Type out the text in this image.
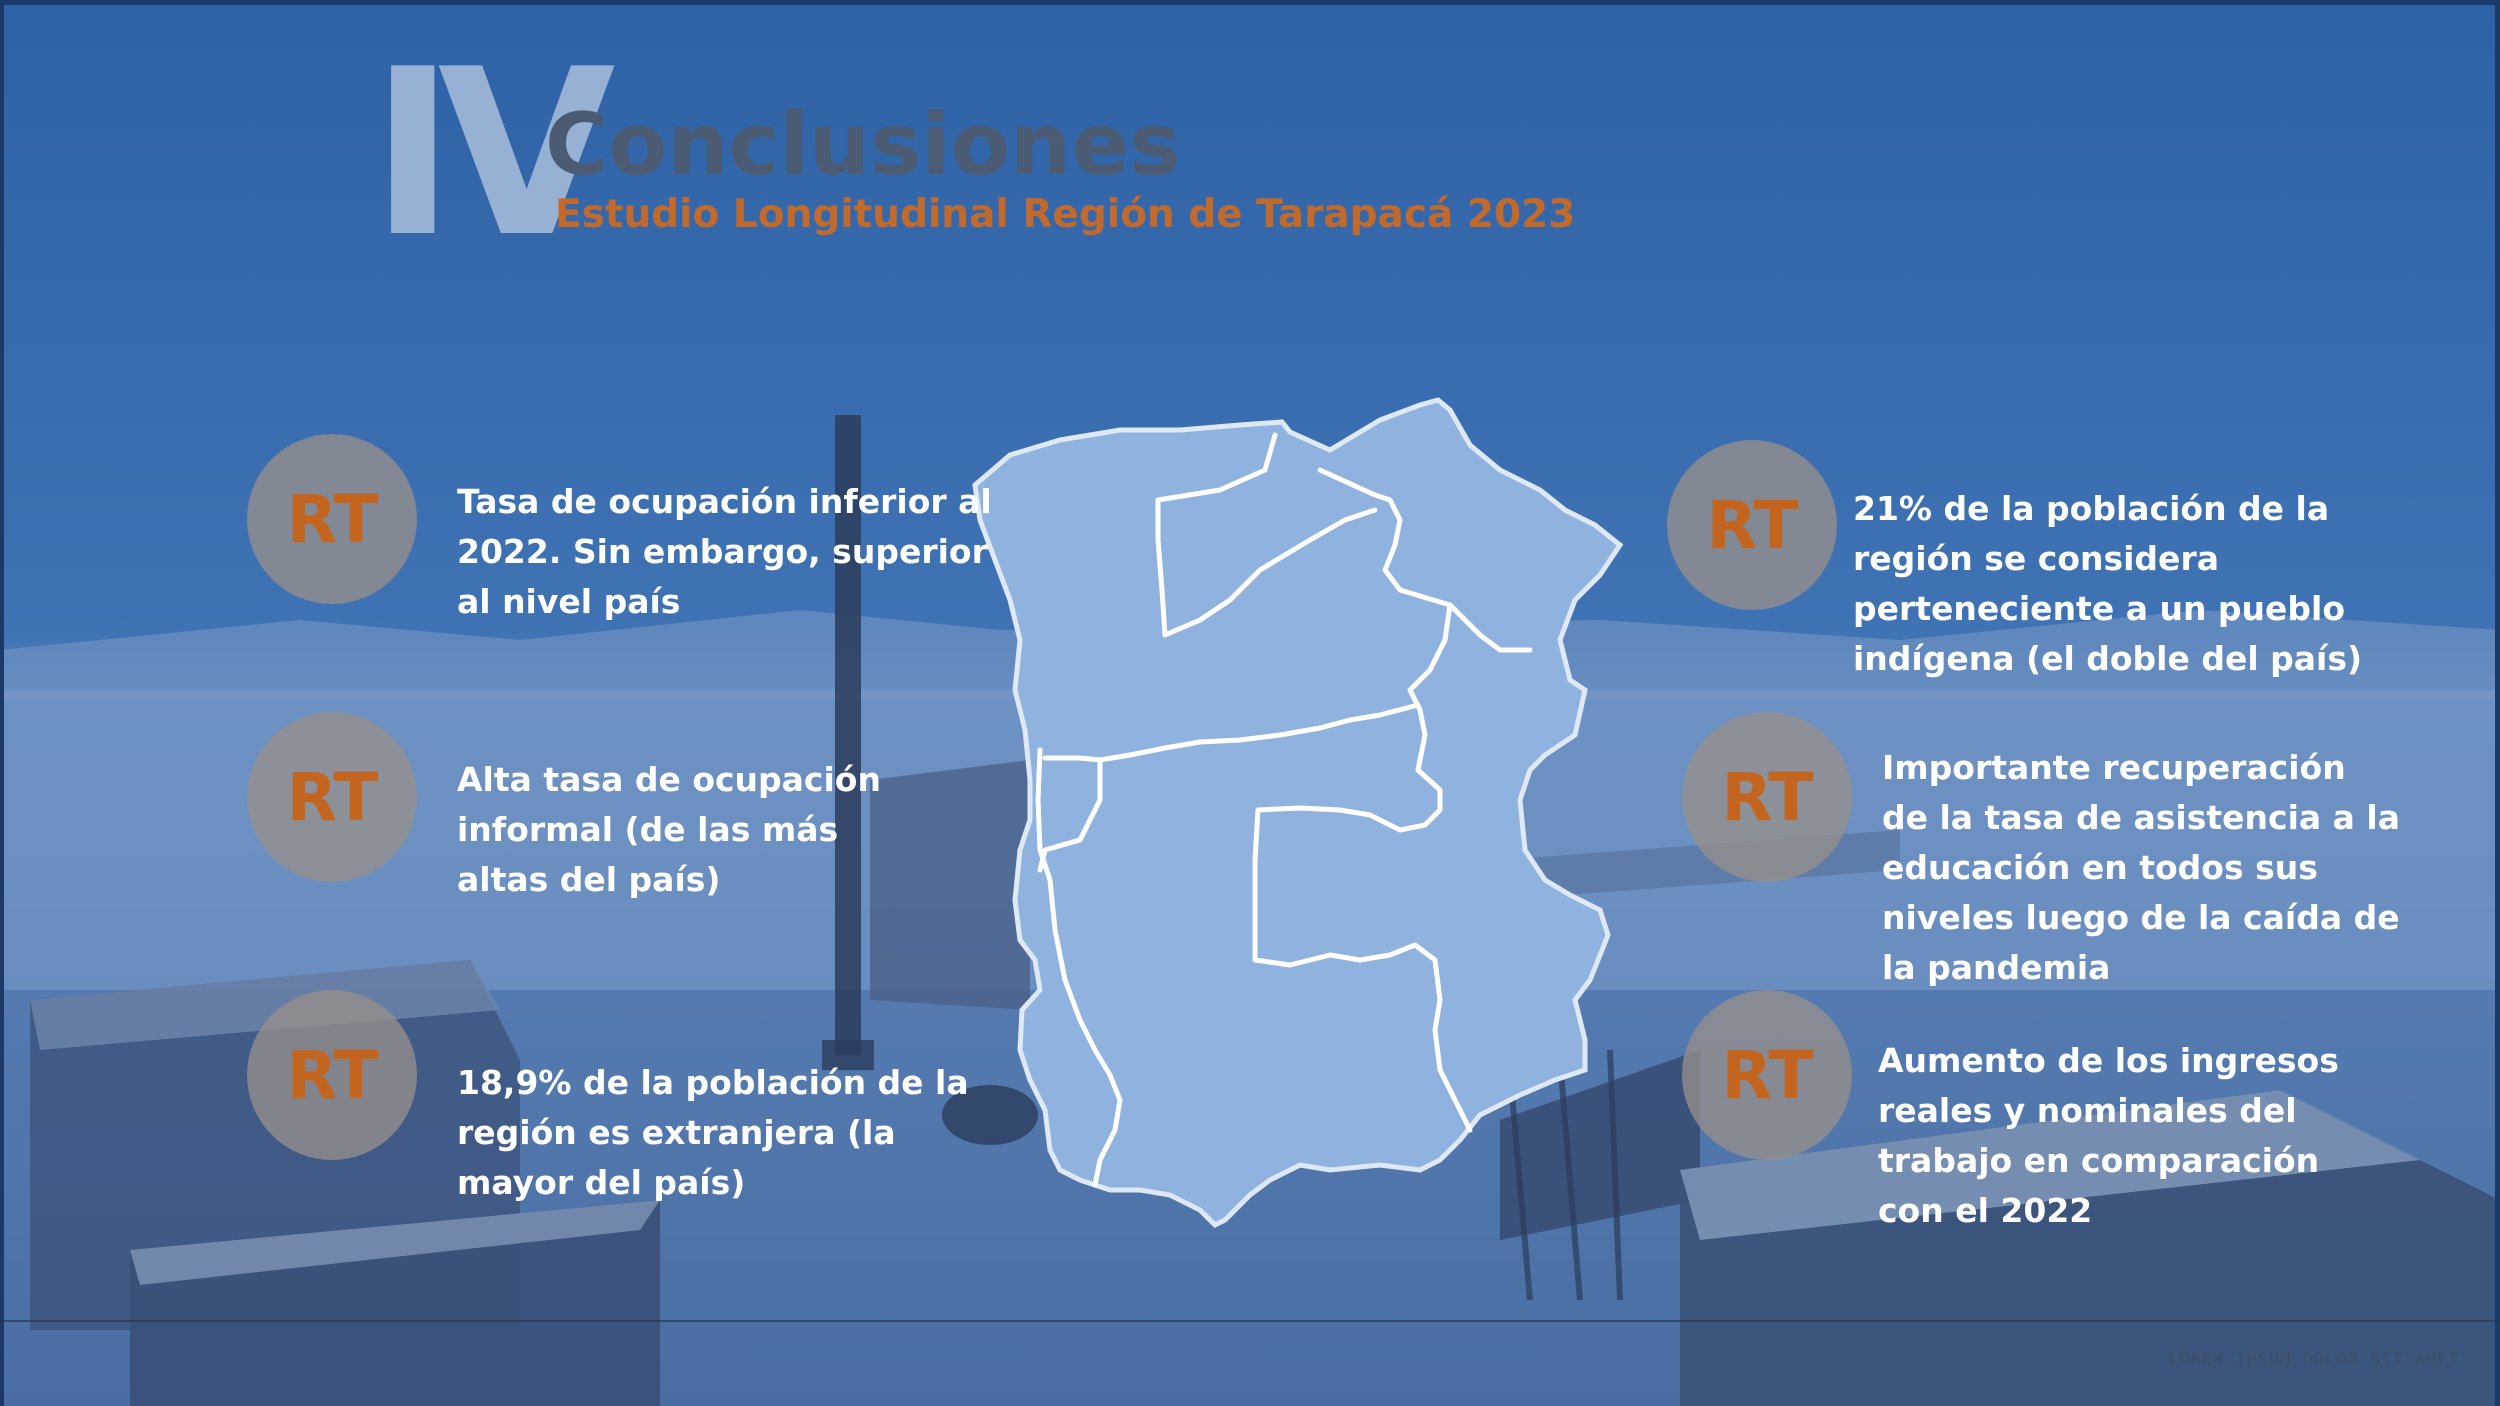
IV
Conclusiones
Estudio Longitudinal Región de Tarapacá 2023
RT	Tasa de ocupación inferior al 2022. Sin embargo, superior al nivel país
RT	Alta tasa de ocupación informal (de las más altas del país)
RT	18,9% de la población de la región es extranjera (la mayor del país)
RT	21% de la población de la región se considera perteneciente a un pueblo indígena (el doble del país)
RT	Importante recuperación de la tasa de asistencia a la educación en todos sus niveles luego de la caída de la pandemia
RT	Aumento de los ingresos reales y nominales del trabajo en comparación con el 2022
LOREM IPSUM DOLOR SIT AMET
